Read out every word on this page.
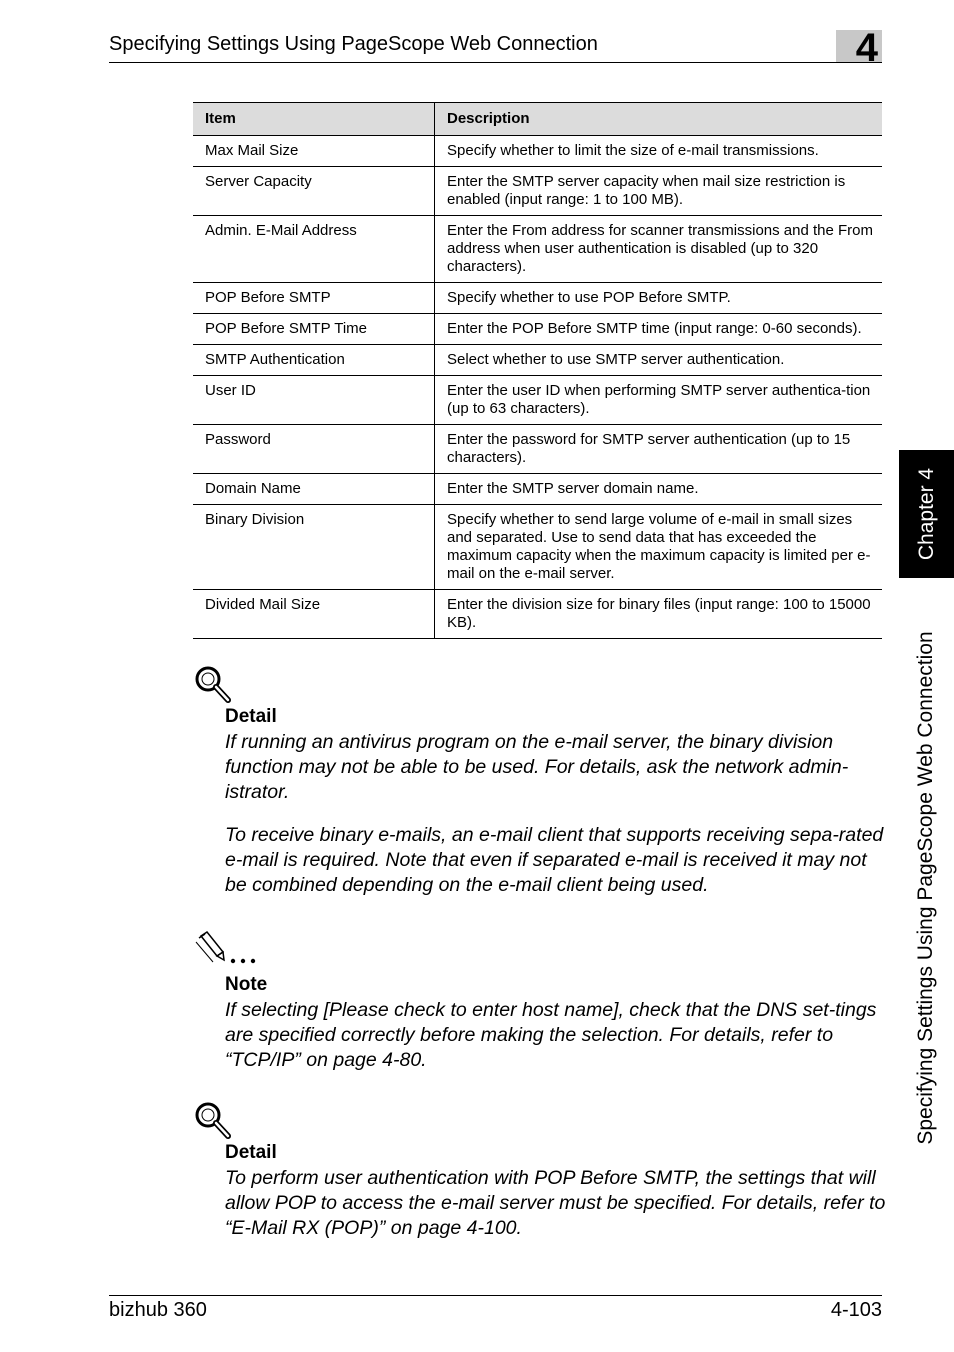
Specifying Settings Using PageScope Web Connection	4
Item	Description
Max Mail Size	Specify whether to limit the size of e-mail transmissions.
Server Capacity	Enter the SMTP server capacity when mail size restriction is enabled (input range: 1 to 100 MB).
Admin. E-Mail Address	Enter the From address for scanner transmissions and the From address when user authentication is disabled (up to 320 characters).
POP Before SMTP	Specify whether to use POP Before SMTP.
POP Before SMTP Time	Enter the POP Before SMTP time (input range: 0-60 seconds).
SMTP Authentication	Select whether to use SMTP server authentication.
User ID	Enter the user ID when performing SMTP server authentica-tion (up to 63 characters).
Password	Enter the password for SMTP server authentication (up to 15 characters).
Domain Name	Enter the SMTP server domain name.
Binary Division	Specify whether to send large volume of e-mail in small sizes and separated. Use to send data that has exceeded the maximum capacity when the maximum capacity is limited per e-mail on the e-mail server.
Divided Mail Size	Enter the division size for binary files (input range: 100 to 15000 KB).
Detail
If running an antivirus program on the e-mail server, the binary division function may not be able to be used. For details, ask the network admin-istrator.
To receive binary e-mails, an e-mail client that supports receiving sepa-rated e-mail is required. Note that even if separated e-mail is received it may not be combined depending on the e-mail client being used.
Note
If selecting [Please check to enter host name], check that the DNS set-tings are specified correctly before making the selection. For details, refer to “TCP/IP” on page 4-80.
Detail
To perform user authentication with POP Before SMTP, the settings that will allow POP to access the e-mail server must be specified. For details, refer to “E-Mail RX (POP)” on page 4-100.
Chapter 4
Specifying Settings Using PageScope Web Connection
bizhub 360	4-103
